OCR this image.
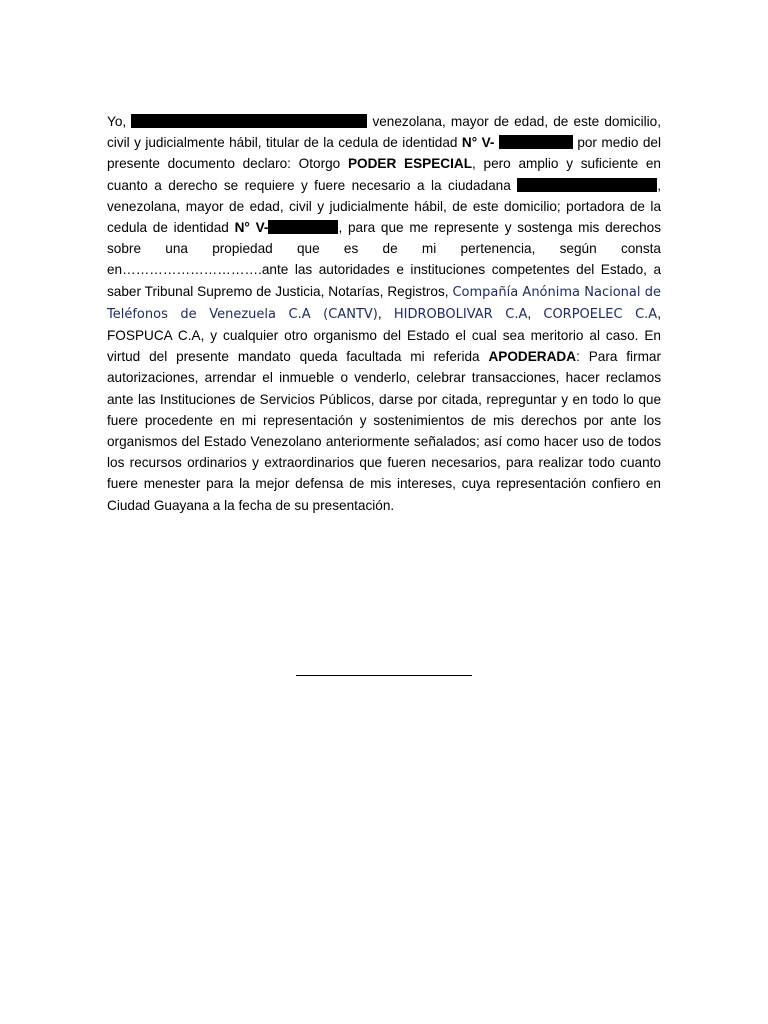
Yo,	venezolana, mayor de edad, de este domicilio, civil y judicialmente hábil, titular de la cedula de identidad N° V-	por medio del presente documento declaro: Otorgo PODER ESPECIAL, pero amplio y suficiente en cuanto a derecho se requiere y fuere necesario a la ciudadana	, venezolana, mayor de edad, civil y judicialmente hábil, de este domicilio; portadora de la cedula de identidad N° V-	, para que me represente y sostenga mis derechos sobre una propiedad que es de mi pertenencia, según consta en………………………….ante las autoridades e instituciones competentes del Estado, a saber Tribunal Supremo de Justicia, Notarías, Registros, Compañía Anónima Nacional de Teléfonos de Venezuela C.A (CANTV), HIDROBOLIVAR C.A, CORPOELEC C.A, FOSPUCA C.A, y cualquier otro organismo del Estado el cual sea meritorio al caso. En virtud del presente mandato queda facultada mi referida APODERADA: Para firmar autorizaciones, arrendar el inmueble o venderlo, celebrar transacciones, hacer reclamos ante las Instituciones de Servicios Públicos, darse por citada, repreguntar y en todo lo que fuere procedente en mi representación y sostenimientos de mis derechos por ante los organismos del Estado Venezolano anteriormente señalados; así como hacer uso de todos los recursos ordinarios y extraordinarios que fueren necesarios, para realizar todo cuanto fuere menester para la mejor defensa de mis intereses, cuya representación confiero en Ciudad Guayana a la fecha de su presentación.
